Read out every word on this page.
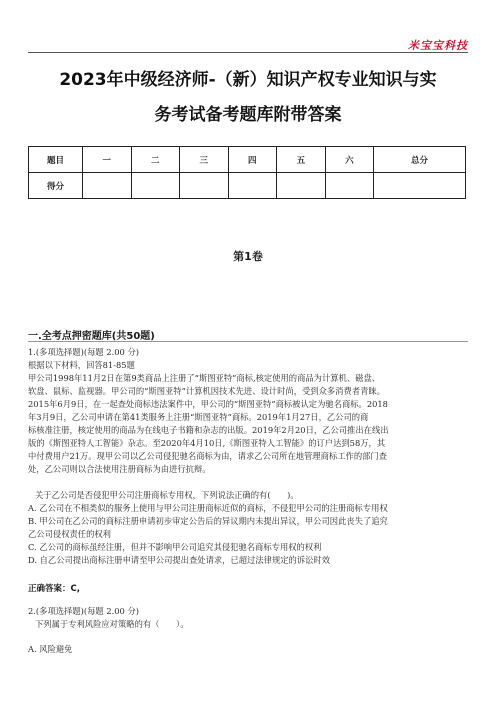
米宝宝科技
2023年中级经济师-（新）知识产权专业知识与实
务考试备考题库附带答案
题目	一	二	三	四	五	六	总分
得分							
第1卷
一.全考点押密题库(共50题)
1.(多项选择题)(每题 2.00 分)
根据以下材料，回答81-85题
甲公司1998年11月2日在第9类商品上注册了“斯图亚特”商标,核定使用的商品为计算机、磁盘、
软盘、鼠标、监视器。甲公司的“斯图亚特”计算机因技术先进、设计时尚，受到众多消费者青睐。
2015年6月9日，在一起查处商标违法案件中，甲公司的“斯图亚特”商标被认定为驰名商标。2018
年3月9日，乙公司申请在第41类服务上注册“斯图亚特”商标。2019年1月27日，乙公司的商
标核准注册，核定使用的商品为在线电子书籍和杂志的出版。2019年2月20日，乙公司推出在线出
版的《斯图亚特人工智能》杂志。至2020年4月10日,《斯图亚特人工智能》的订户达到58万，其
中付费用户21万。现甲公司以乙公司侵犯驰名商标为由，请求乙公司所在地管理商标工作的部门查
处，乙公司则以合法使用注册商标为由进行抗辩。
关于乙公司是否侵犯甲公司注册商标专用权，下列说法正确的有(　　)。
A. 乙公司在不相类似的服务上使用与甲公司注册商标近似的商标，不侵犯甲公司的注册商标专用权
B. 甲公司在乙公司的商标注册申请初步审定公告后的异议期内未提出异议，甲公司因此丧失了追究
乙公司侵权责任的权利
C. 乙公司的商标虽经注册，但并不影响甲公司追究其侵犯驰名商标专用权的权利
D. 自乙公司提出商标注册申请至甲公司提出查处请求，已超过法律规定的诉讼时效
正确答案：C,
2.(多项选择题)(每题 2.00 分)
下列属于专利风险应对策略的有（　　）。
A. 风险避免
